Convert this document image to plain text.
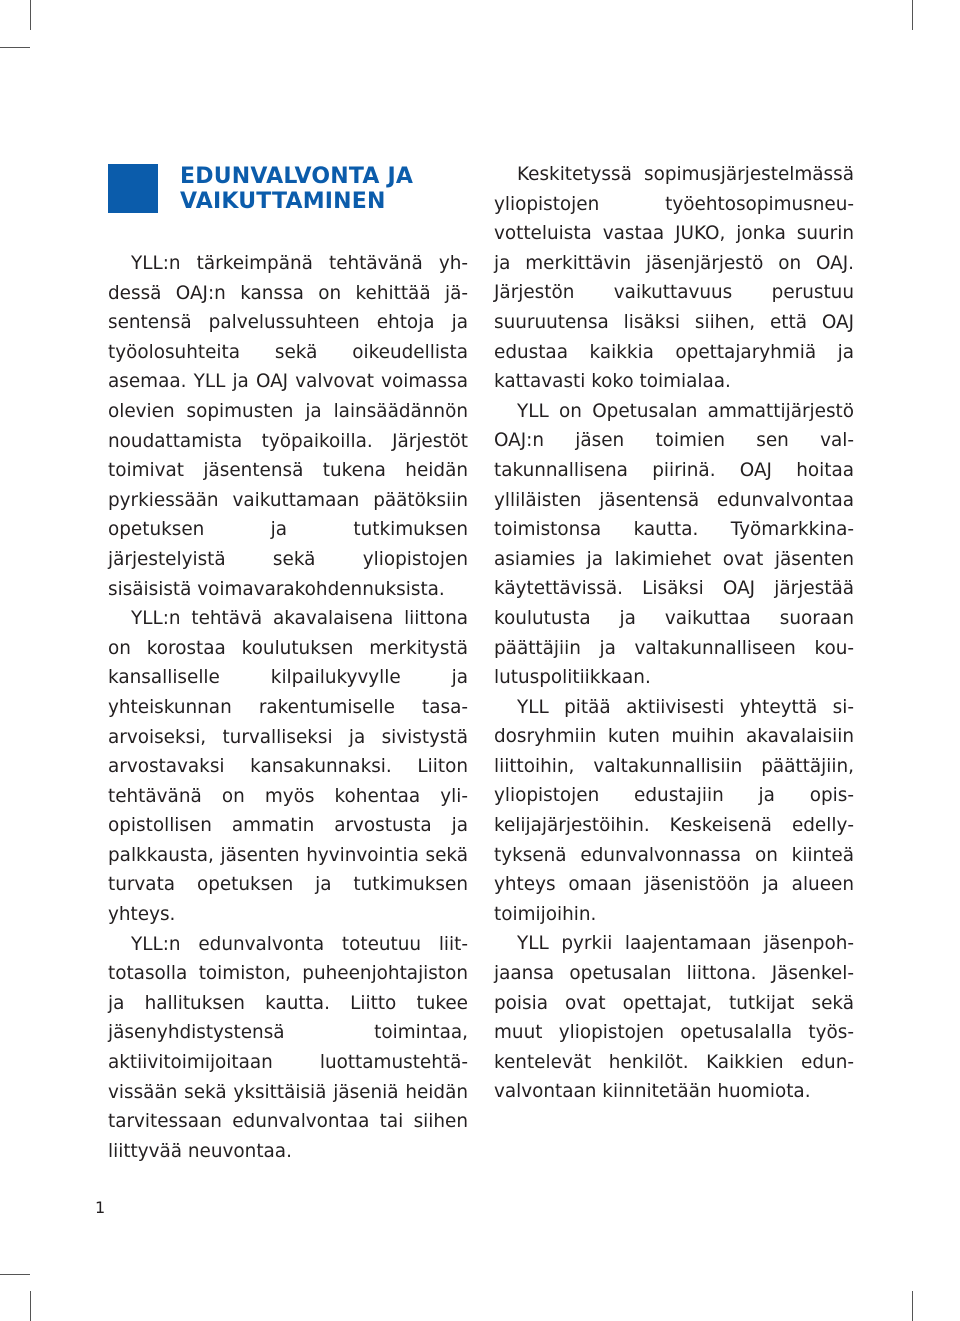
EDUNVALVONTA JA
VAIKUTTAMINEN

YLL:n tärkeimpänä tehtävänä yhdessä OAJ:n kanssa on kehittää jäsentensä palvelussuhteen ehtoja ja työolosuhteita sekä oikeudellista asemaa. YLL ja OAJ valvovat voimassa olevien sopimusten ja lainsäädännön noudattamista työpaikoilla. Järjestöt toimivat jäsentensä tukena heidän pyrkiessään vaikuttamaan päätöksiin opetuksen ja tutkimuksen järjestelyistä sekä yliopistojen sisäisistä voimavarakohdennuksista.

YLL:n tehtävä akavalaisena liittona on korostaa koulutuksen merkitystä kansalliselle kilpailukyvylle ja yhteiskunnan rakentumiselle tasaarvoiseksi, turvalliseksi ja sivistystä arvostavaksi kansakunnaksi. Liiton tehtävänä on myös kohentaa yliopistollisen ammatin arvostusta ja palkkausta, jäsenten hyvinvointia sekä turvata opetuksen ja tutkimuksen yhteys.

YLL:n edunvalvonta toteutuu liittotasolla toimiston, puheenjohtajiston ja hallituksen kautta. Liitto tukee jäsenyhdistystensä toimintaa, aktiivitoimijoitaan luottamustehtävissään sekä yksittäisiä jäseniä heidän tarvitessaan edunvalvontaa tai siihen liittyvää neuvontaa.

Keskitetyssä sopimusjärjestelmässä yliopistojen työehtosopimusneuvotteluista vastaa JUKO, jonka suurin ja merkittävin jäsenjärjestö on OAJ. Järjestön vaikuttavuus perustuu suuruutensa lisäksi siihen, että OAJ edustaa kaikkia opettajaryhmiä ja kattavasti koko toimialaa.

YLL on Opetusalan ammattijärjestö OAJ:n jäsen toimien sen valtakunnallisena piirinä. OAJ hoitaa ylliläisten jäsentensä edunvalvontaa toimistonsa kautta. Työmarkkinaasiamies ja lakimiehet ovat jäsenten käytettävissä. Lisäksi OAJ järjestää koulutusta ja vaikuttaa suoraan päättäjiin ja valtakunnalliseen koulutuspolitiikkaan.

YLL pitää aktiivisesti yhteyttä sidosryhmiin kuten muihin akavalaisiin liittoihin, valtakunnallisiin päättäjiin, yliopistojen edustajiin ja opiskelijajärjestöihin. Keskeisenä edellytyksenä edunvalvonnassa on kiinteä yhteys omaan jäsenistöön ja alueen toimijoihin.

YLL pyrkii laajentamaan jäsenpohjaansa opetusalan liittona. Jäsenkelpoisia ovat opettajat, tutkijat sekä muut yliopistojen opetusalalla työskentelevät henkilöt. Kaikkien edunvalvontaan kiinnitetään huomiota.

1
